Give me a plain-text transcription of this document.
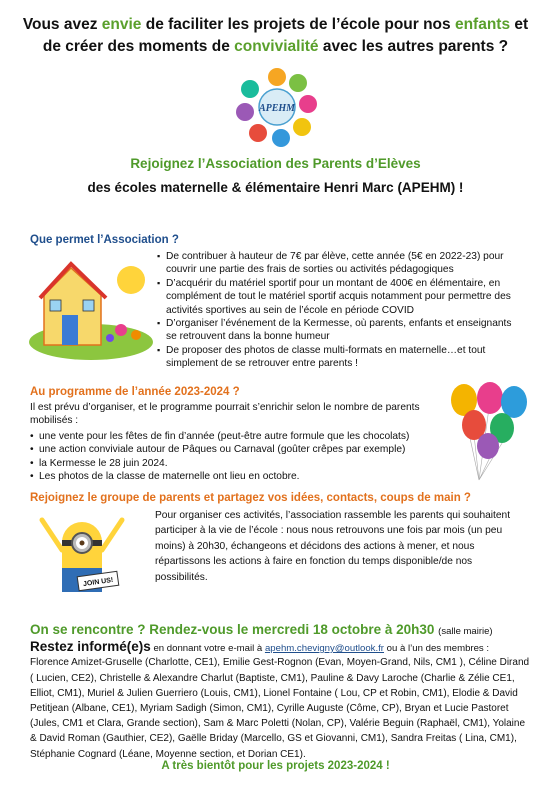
Vous avez envie de faciliter les projets de l’école pour nos enfants et
de créer des moments de convivialité avec les autres parents ?
APEHM
Rejoignez l’Association des Parents d’Elèves
des écoles maternelle & élémentaire Henri Marc (APEHM) !
Que permet l’Association ?
▪ De contribuer à hauteur de 7€ par élève, cette année (5€ en 2022-23) pour couvrir une partie des frais de sorties ou activités pédagogiques
▪ D’acquérir du matériel sportif pour un montant de 400€ en élémentaire, en complément de tout le matériel sportif acquis notamment pour permettre des activités sportives au sein de l’école en période COVID
▪ D’organiser l’événement de la Kermesse, où parents, enfants et enseignants se retrouvent dans la bonne humeur
▪ De proposer des photos de classe multi-formats en maternelle…et tout simplement de se retrouver entre parents !
Au programme de l’année 2023-2024 ?
Il est prévu d’organiser, et le programme pourrait s’enrichir selon le nombre de parents mobilisés :
• une vente pour les fêtes de fin d’année (peut-être autre formule que les chocolats)
• une action conviviale autour de Pâques ou Carnaval (goûter crêpes par exemple)
• la Kermesse le 28 juin 2024.
• Les photos de la classe de maternelle ont lieu en octobre.
Rejoignez le groupe de parents et partagez vos idées, contacts, coups de main ?
JOIN US!
Pour organiser ces activités, l’association rassemble les parents qui souhaitent participer à la vie de l’école : nous nous retrouvons une fois par mois (un peu moins) à 20h30, échangeons et décidons des actions à mener, et nous répartissons les actions à faire en fonction du temps disponible/de nos possibilités.
On se rencontre ? Rendez-vous le mercredi 18 octobre à 20h30 (salle mairie)
Restez informé(e)s en donnant votre e-mail à apehm.chevigny@outlook.fr ou à l’un des membres :
Florence Amizet-Gruselle (Charlotte, CE1), Emilie Gest-Rognon (Evan, Moyen-Grand, Nils, CM1 ), Céline Dirand ( Lucien, CE2), Christelle & Alexandre Charlut (Baptiste, CM1), Pauline & Davy Laroche (Charlie & Zélie CE1, Elliot, CM1), Muriel & Julien Guerriero (Louis, CM1), Lionel Fontaine ( Lou, CP et Robin, CM1), Elodie & David Petitjean (Albane, CE1), Myriam Sadigh (Simon, CM1), Cyrille Auguste (Côme, CP), Bryan et Lucie Pastoret (Jules, CM1 et Clara, Grande section), Sam & Marc Poletti (Nolan, CP), Valérie Beguin (Raphaël, CM1), Yolaine & David Roman (Gauthier, CE2), Gaëlle Briday (Marcello, GS et Giovanni, CM1), Sandra Freitas ( Lina, CM1), Stéphanie Cognard (Léane, Moyenne section, et Dorian CE1).
A très bientôt pour les projets 2023-2024 !
